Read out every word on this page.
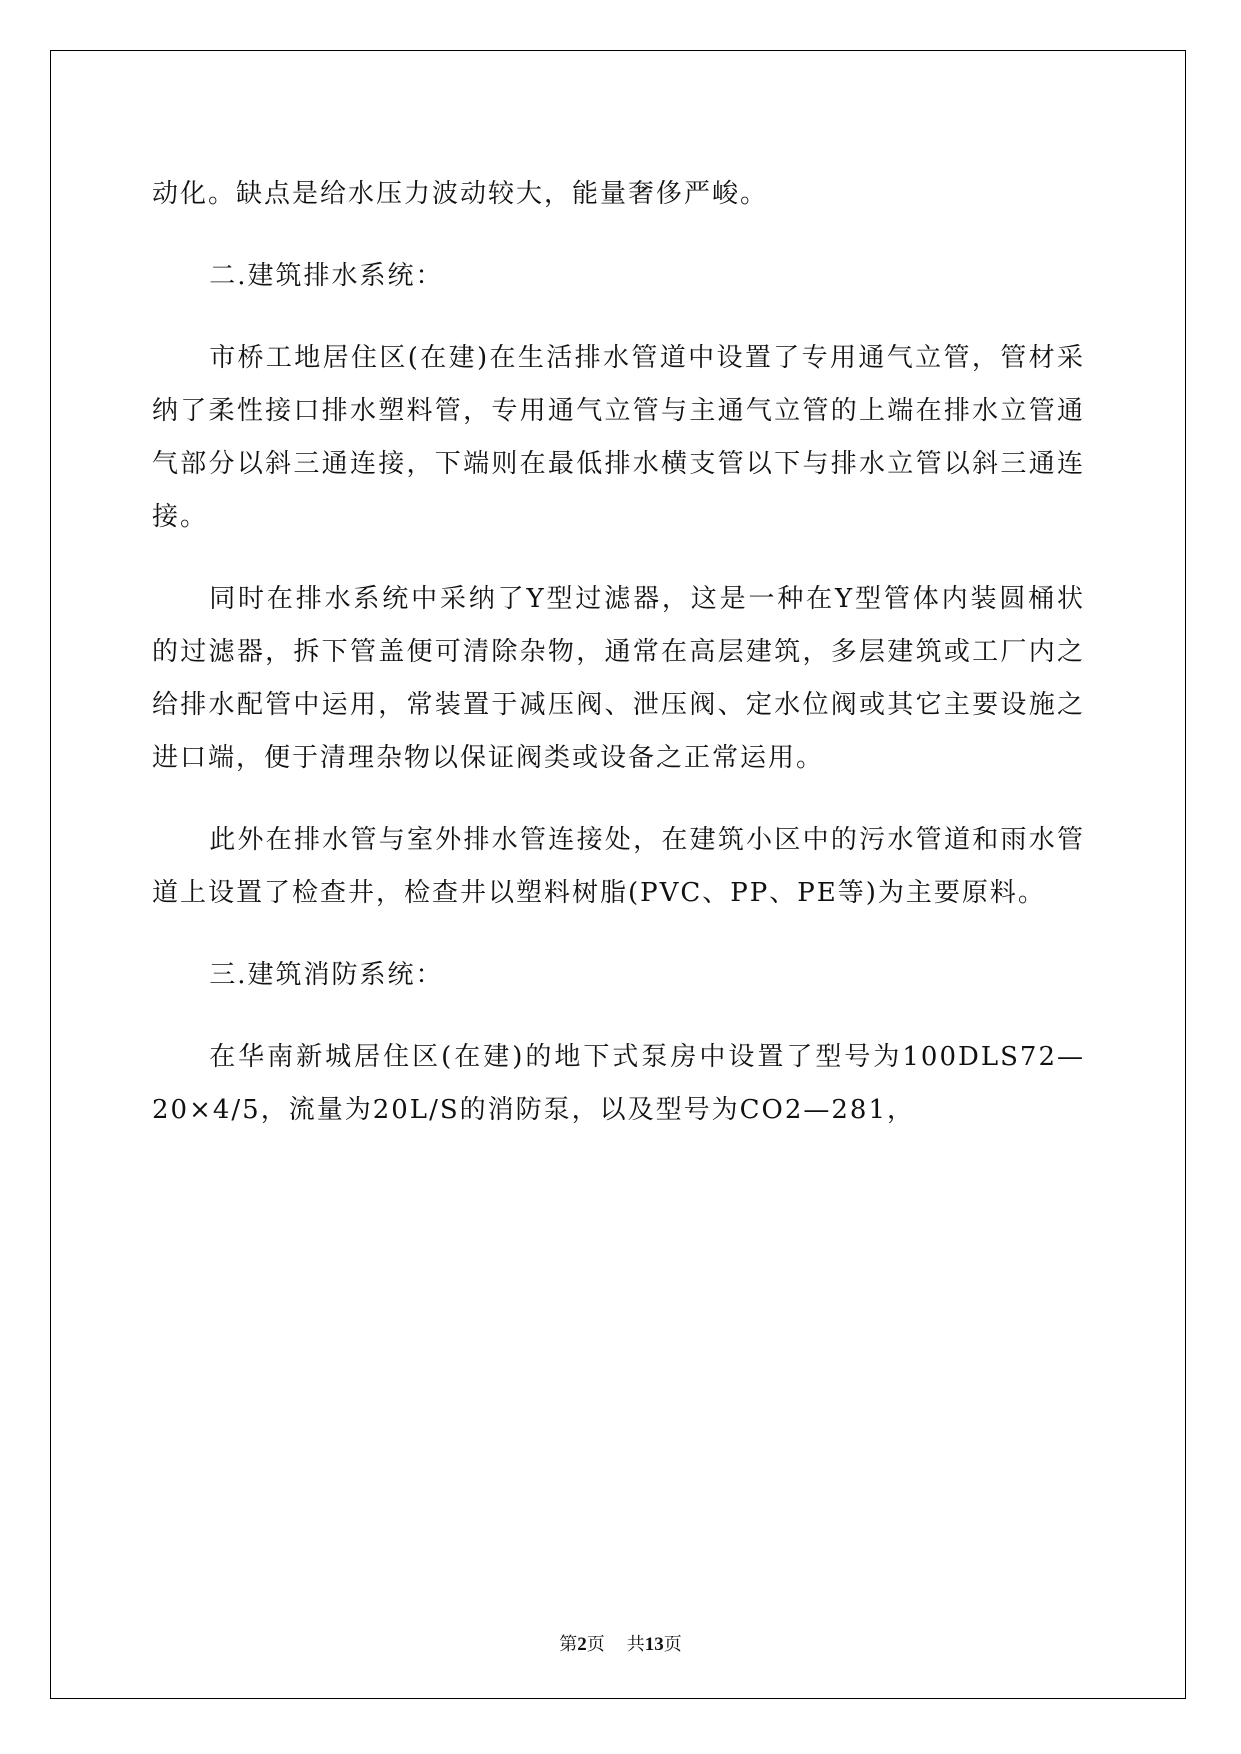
动化。缺点是给水压力波动较大，能量奢侈严峻。

二.建筑排水系统：

市桥工地居住区(在建)在生活排水管道中设置了专用通气立管，管材采纳了柔性接口排水塑料管，专用通气立管与主通气立管的上端在排水立管通气部分以斜三通连接，下端则在最低排水横支管以下与排水立管以斜三通连接。

同时在排水系统中采纳了Y型过滤器，这是一种在Y型管体内装圆桶状的过滤器，拆下管盖便可清除杂物，通常在高层建筑，多层建筑或工厂内之给排水配管中运用，常装置于减压阀、泄压阀、定水位阀或其它主要设施之进口端，便于清理杂物以保证阀类或设备之正常运用。

此外在排水管与室外排水管连接处，在建筑小区中的污水管道和雨水管道上设置了检查井，检查井以塑料树脂(PVC、PP、PE等)为主要原料。

三.建筑消防系统：

在华南新城居住区(在建)的地下式泵房中设置了型号为100DLS72—20×4/5，流量为20L/S的消防泵，以及型号为CO2—281，

第2页 共13页
